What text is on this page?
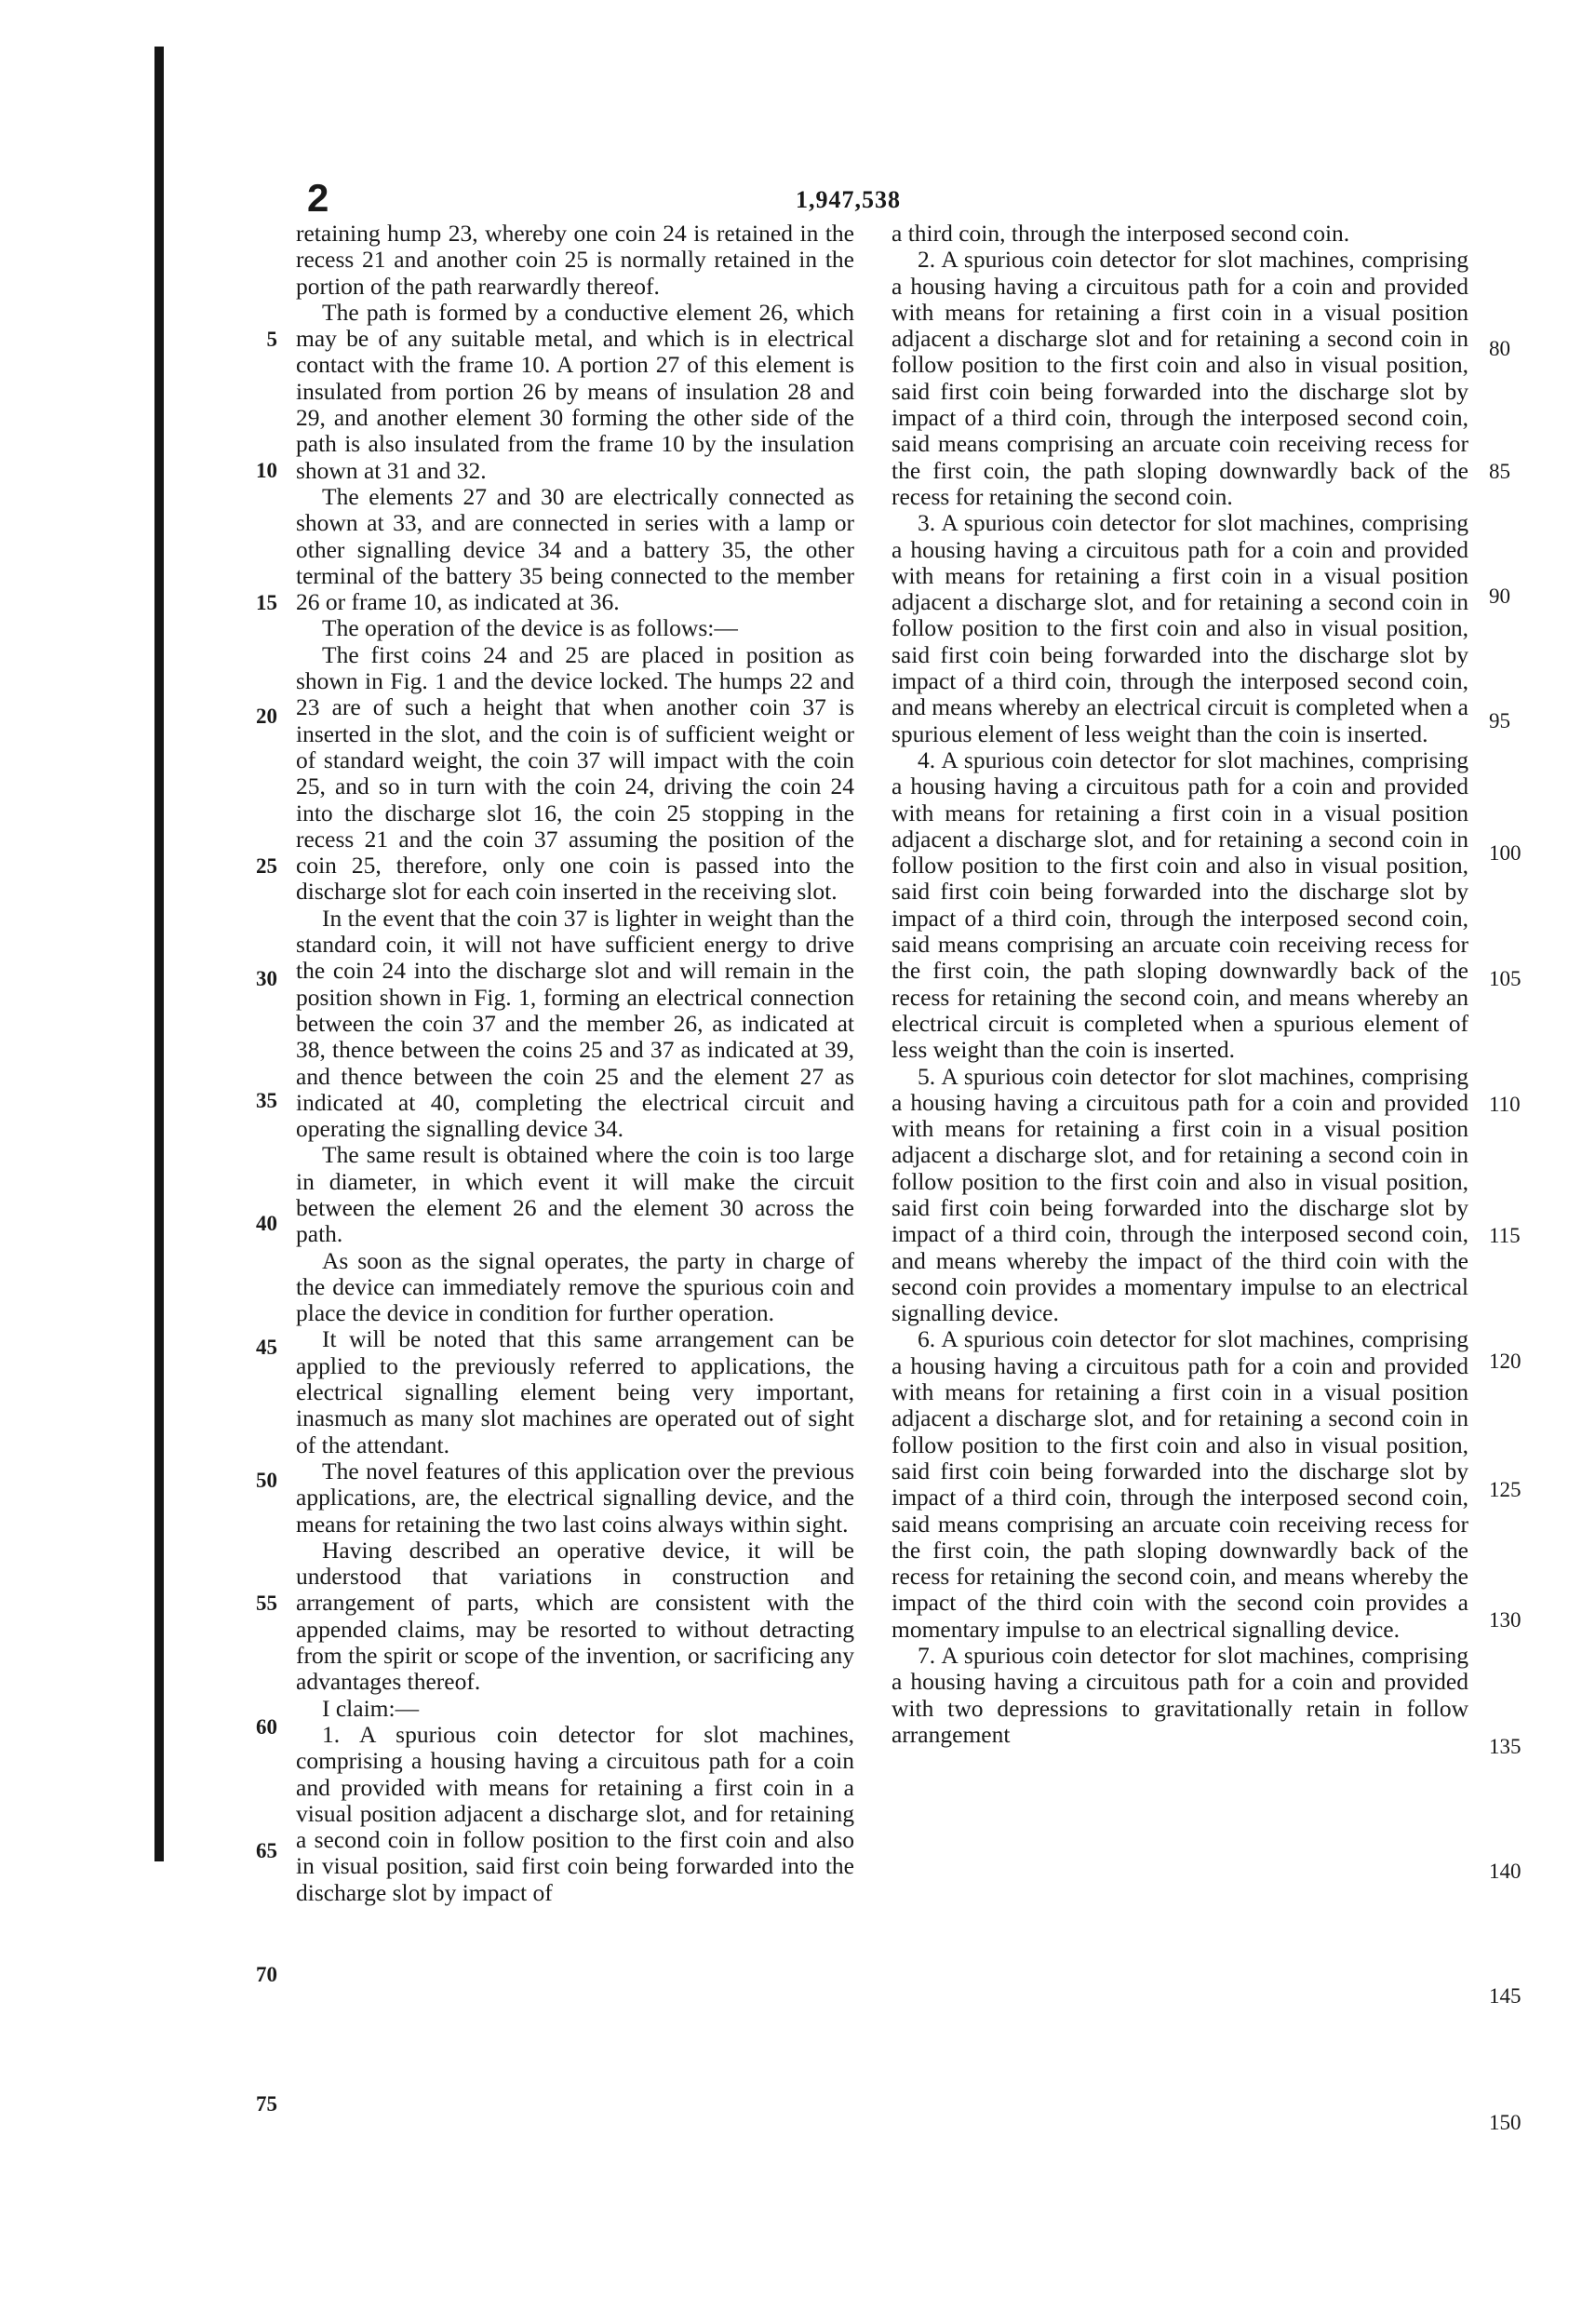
2	1,947,538
5
10
15
20
25
30
35
40
45
50
55
60
65
70
75
80
85
90
95
100
105
110
115
120
125
130
135
140
145
150

retaining hump 23, whereby one coin 24 is retained in the recess 21 and another coin 25 is normally retained in the portion of the path rearwardly thereof.

The path is formed by a conductive element 26, which may be of any suitable metal, and which is in electrical contact with the frame 10. A portion 27 of this element is insulated from portion 26 by means of insulation 28 and 29, and another element 30 forming the other side of the path is also insulated from the frame 10 by the insulation shown at 31 and 32.

The elements 27 and 30 are electrically connected as shown at 33, and are connected in series with a lamp or other signalling device 34 and a battery 35, the other terminal of the battery 35 being connected to the member 26 or frame 10, as indicated at 36.

The operation of the device is as follows:—

The first coins 24 and 25 are placed in position as shown in Fig. 1 and the device locked. The humps 22 and 23 are of such a height that when another coin 37 is inserted in the slot, and the coin is of sufficient weight or of standard weight, the coin 37 will impact with the coin 25, and so in turn with the coin 24, driving the coin 24 into the discharge slot 16, the coin 25 stopping in the recess 21 and the coin 37 assuming the position of the coin 25, therefore, only one coin is passed into the discharge slot for each coin inserted in the receiving slot.

In the event that the coin 37 is lighter in weight than the standard coin, it will not have sufficient energy to drive the coin 24 into the discharge slot and will remain in the position shown in Fig. 1, forming an electrical connection between the coin 37 and the member 26, as indicated at 38, thence between the coins 25 and 37 as indicated at 39, and thence between the coin 25 and the element 27 as indicated at 40, completing the electrical circuit and operating the signalling device 34.

The same result is obtained where the coin is too large in diameter, in which event it will make the circuit between the element 26 and the element 30 across the path.

As soon as the signal operates, the party in charge of the device can immediately remove the spurious coin and place the device in condition for further operation.

It will be noted that this same arrangement can be applied to the previously referred to applications, the electrical signalling element being very important, inasmuch as many slot machines are operated out of sight of the attendant.

The novel features of this application over the previous applications, are, the electrical signalling device, and the means for retaining the two last coins always within sight.

Having described an operative device, it will be understood that variations in construction and arrangement of parts, which are consistent with the appended claims, may be resorted to without detracting from the spirit or scope of the invention, or sacrificing any advantages thereof.

I claim:—

1. A spurious coin detector for slot machines, comprising a housing having a circuitous path for a coin and provided with means for retaining a first coin in a visual position adjacent a discharge slot, and for retaining a second coin in follow position to the first coin and also in visual position, said first coin being forwarded into the discharge slot by impact of

a third coin, through the interposed second coin.

2. A spurious coin detector for slot machines, comprising a housing having a circuitous path for a coin and provided with means for retaining a first coin in a visual position adjacent a discharge slot and for retaining a second coin in follow position to the first coin and also in visual position, said first coin being forwarded into the discharge slot by impact of a third coin, through the interposed second coin, said means comprising an arcuate coin receiving recess for the first coin, the path sloping downwardly back of the recess for retaining the second coin.

3. A spurious coin detector for slot machines, comprising a housing having a circuitous path for a coin and provided with means for retaining a first coin in a visual position adjacent a discharge slot, and for retaining a second coin in follow position to the first coin and also in visual position, said first coin being forwarded into the discharge slot by impact of a third coin, through the interposed second coin, and means whereby an electrical circuit is completed when a spurious element of less weight than the coin is inserted.

4. A spurious coin detector for slot machines, comprising a housing having a circuitous path for a coin and provided with means for retaining a first coin in a visual position adjacent a discharge slot, and for retaining a second coin in follow position to the first coin and also in visual position, said first coin being forwarded into the discharge slot by impact of a third coin, through the interposed second coin, said means comprising an arcuate coin receiving recess for the first coin, the path sloping downwardly back of the recess for retaining the second coin, and means whereby an electrical circuit is completed when a spurious element of less weight than the coin is inserted.

5. A spurious coin detector for slot machines, comprising a housing having a circuitous path for a coin and provided with means for retaining a first coin in a visual position adjacent a discharge slot, and for retaining a second coin in follow position to the first coin and also in visual position, said first coin being forwarded into the discharge slot by impact of a third coin, through the interposed second coin, and means whereby the impact of the third coin with the second coin provides a momentary impulse to an electrical signalling device.

6. A spurious coin detector for slot machines, comprising a housing having a circuitous path for a coin and provided with means for retaining a first coin in a visual position adjacent a discharge slot, and for retaining a second coin in follow position to the first coin and also in visual position, said first coin being forwarded into the discharge slot by impact of a third coin, through the interposed second coin, said means comprising an arcuate coin receiving recess for the first coin, the path sloping downwardly back of the recess for retaining the second coin, and means whereby the impact of the third coin with the second coin provides a momentary impulse to an electrical signalling device.

7. A spurious coin detector for slot machines, comprising a housing having a circuitous path for a coin and provided with two depressions to gravitationally retain in follow arrangement
